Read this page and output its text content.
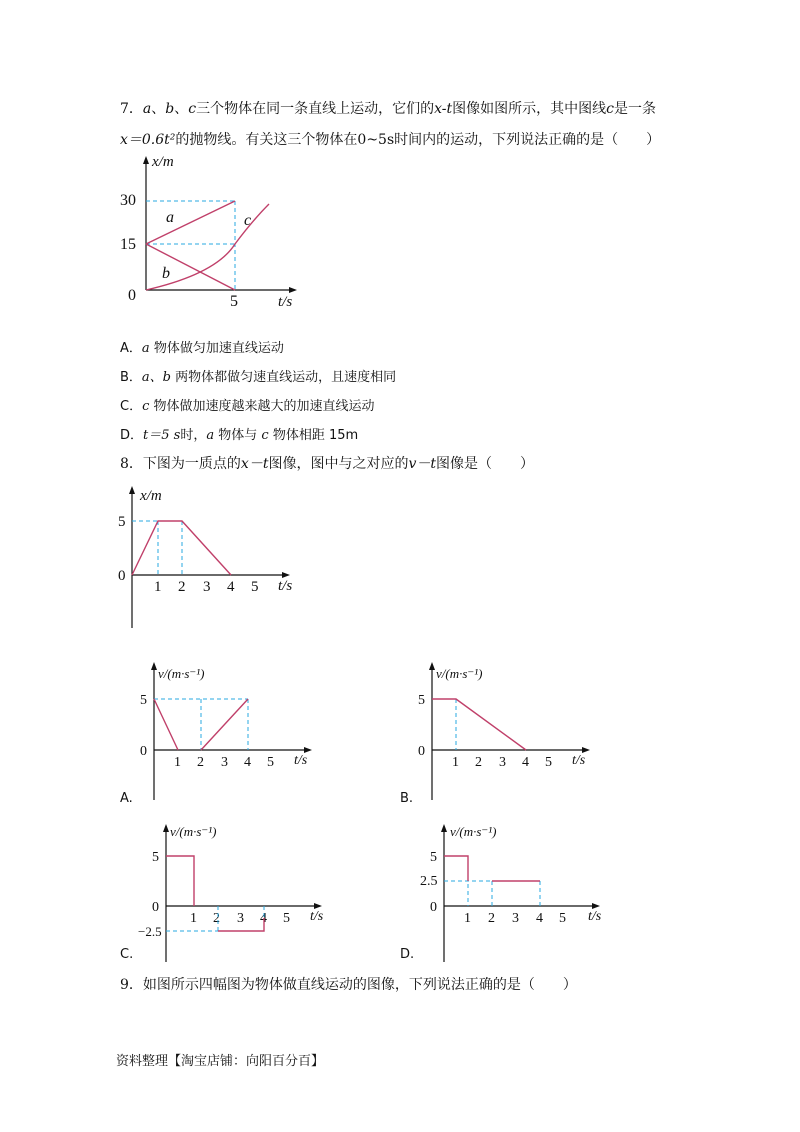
7．a、b、c三个物体在同一条直线上运动，它们的x-t图像如图所示，其中图线c是一条
x＝0.6t²的抛物线。有关这三个物体在0~5s时间内的运动，下列说法正确的是（　　）
x/m
t/s
30
15
0	5
a
b
c
A．a 物体做匀加速直线运动
B．a、b 两物体都做匀速直线运动，且速度相同
C．c 物体做加速度越来越大的加速直线运动
D．t＝5 s时，a 物体与 c 物体相距 15m
8．下图为一质点的x－t图像，图中与之对应的v－t图像是（　　）
x/m
t/s
5
0
1 2 3 4 5
v/(m·s⁻¹)
t/s
5
0
1 2 3 4 5
A.
v/(m·s⁻¹)
t/s
5
0
1 2 3 4 5
B.
v/(m·s⁻¹)
t/s
5
0
−2.5
1 2 3 4 5
C.
v/(m·s⁻¹)
t/s
5
2.5
0
1 2 3 4 5
D.
9．如图所示四幅图为物体做直线运动的图像，下列说法正确的是（　　）
资料整理【淘宝店铺：向阳百分百】
